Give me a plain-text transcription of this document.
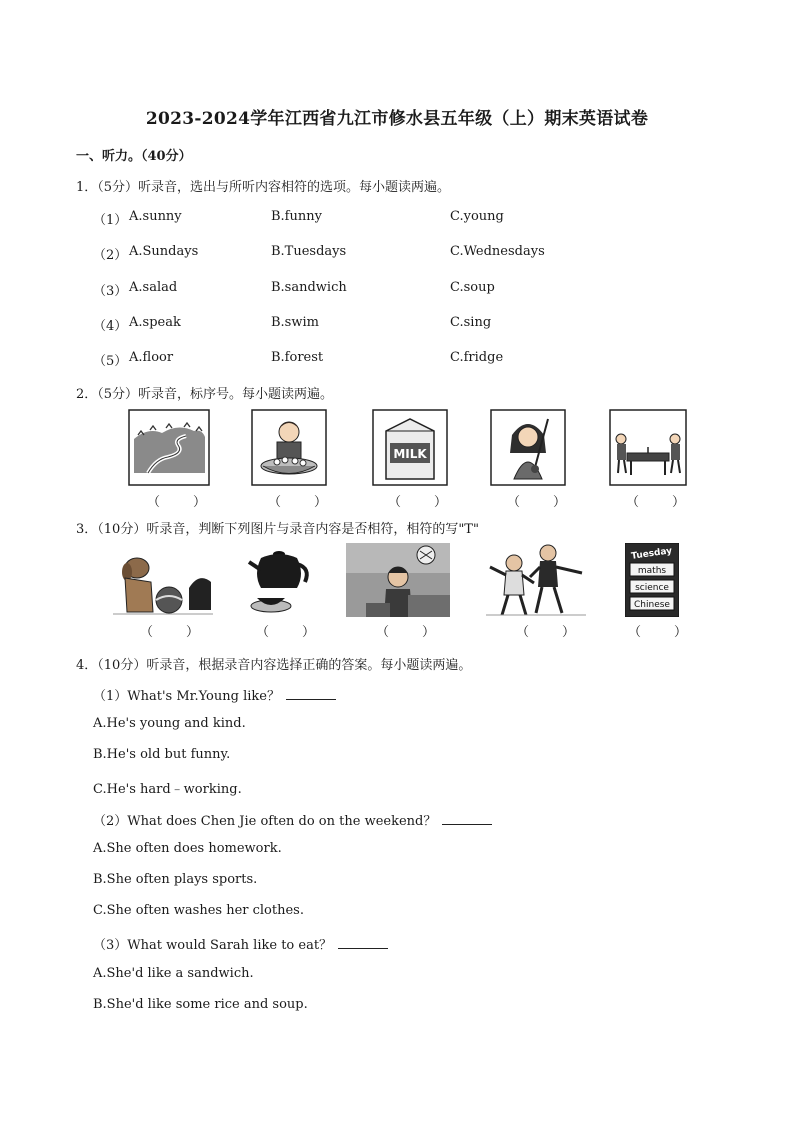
2023-2024学年江西省九江市修水县五年级（上）期末英语试卷
一、听力。（40分）
1．（5分）听录音，选出与所听内容相符的选项。每小题读两遍。
（1） A.sunny	B.funny	C.young
（2） A.Sundays	B.Tuesdays	C.Wednesdays
（3） A.salad	B.sandwich	C.soup
（4） A.speak	B.swim	C.sing
（5） A.floor	B.forest	C.fridge
2．（5分）听录音，标序号。每小题读两遍。
MILK
（　）	（　）	（　）	（　）	（　）
3．（10分）听录音，判断下列图片与录音内容是否相符，相符的写"T"
Tuesday
maths
science
Chinese
（　）	（　）	（　）	（　）	（　）
4．（10分）听录音，根据录音内容选择正确的答案。每小题读两遍。
（1）What's Mr.Young like？
A.He's young and kind.
B.He's old but funny.
C.He's hard﹣working.
（2）What does Chen Jie often do on the weekend？
A.She often does homework.
B.She often plays sports.
C.She often washes her clothes.
（3）What would Sarah like to eat？
A.She'd like a sandwich.
B.She'd like some rice and soup.
